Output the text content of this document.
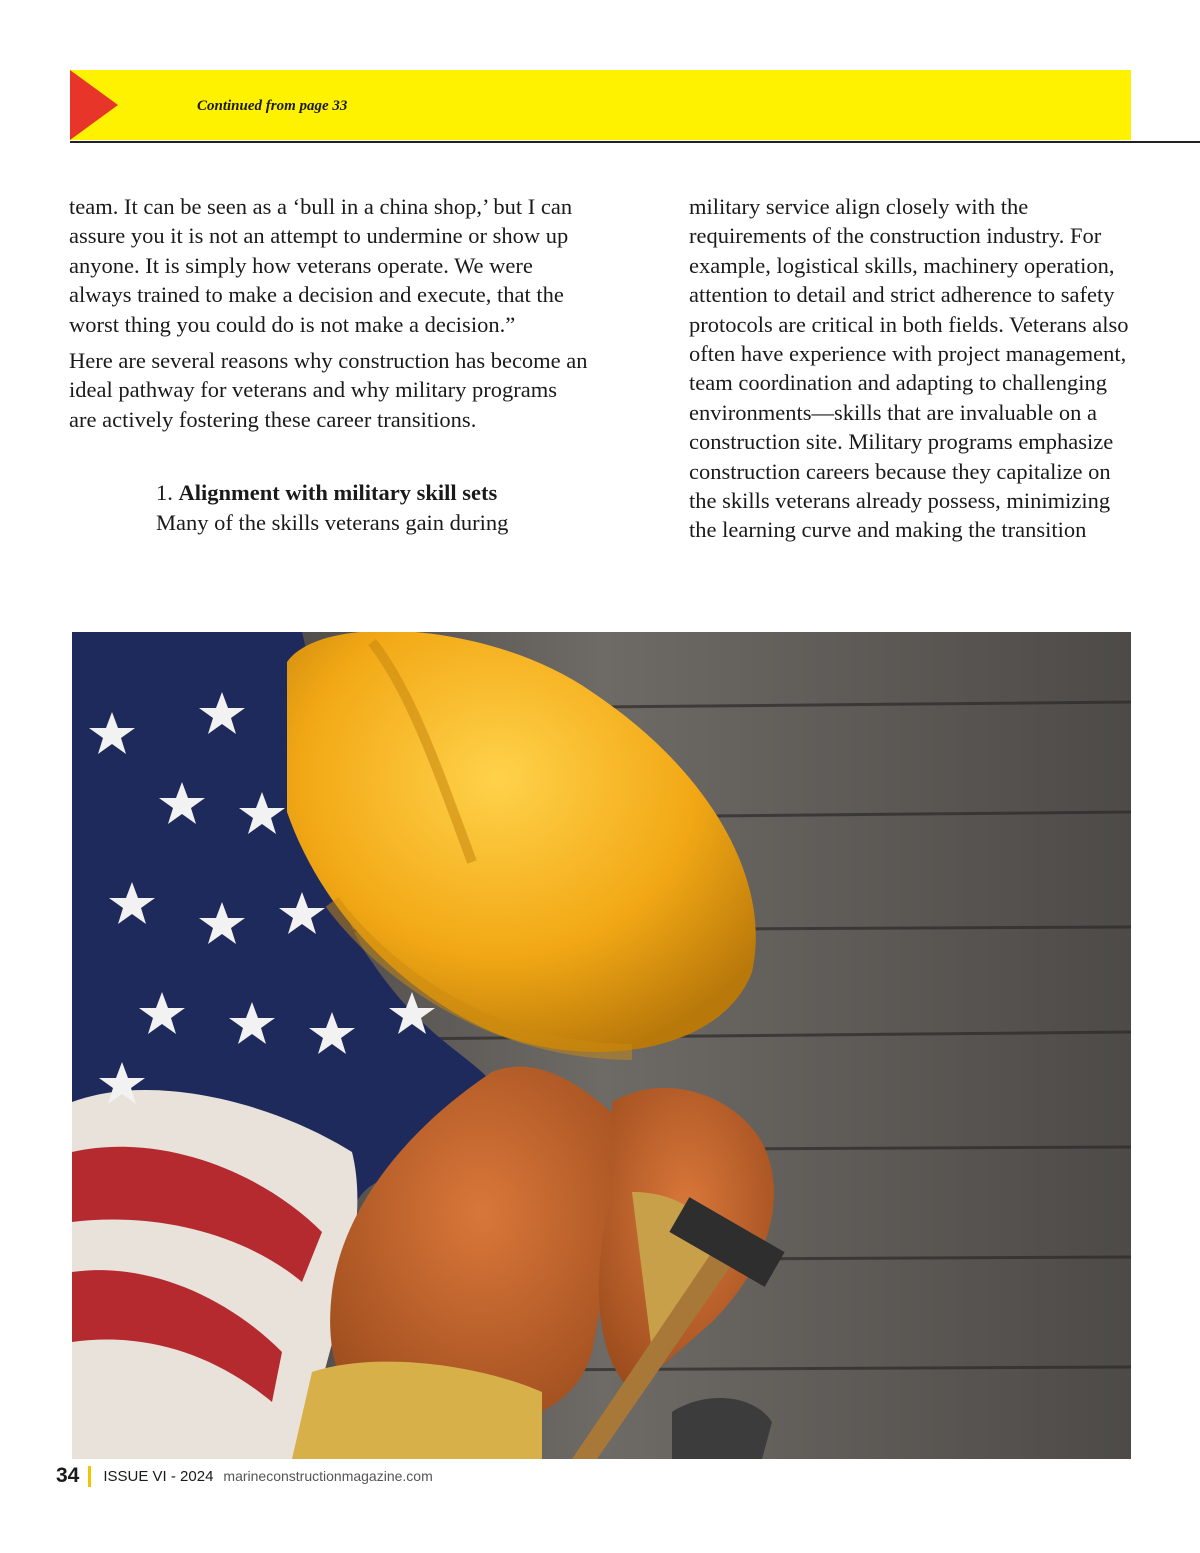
Continued from page 33

team. It can be seen as a ‘bull in a china shop,’ but I can assure you it is not an attempt to undermine or show up anyone. It is simply how veterans operate. We were always trained to make a decision and execute, that the worst thing you could do is not make a decision.”

Here are several reasons why construction has become an ideal pathway for veterans and why military programs are actively fostering these career transitions.

1. Alignment with military skill sets
Many of the skills veterans gain during

military service align closely with the requirements of the construction industry. For example, logistical skills, machinery operation, attention to detail and strict adherence to safety protocols are critical in both fields. Veterans also often have experience with project management, team coordination and adapting to challenging environments—skills that are invaluable on a construction site. Military programs emphasize construction careers because they capitalize on the skills veterans already possess, minimizing the learning curve and making the transition

34 ISSUE VI - 2024 marineconstructionmagazine.com
